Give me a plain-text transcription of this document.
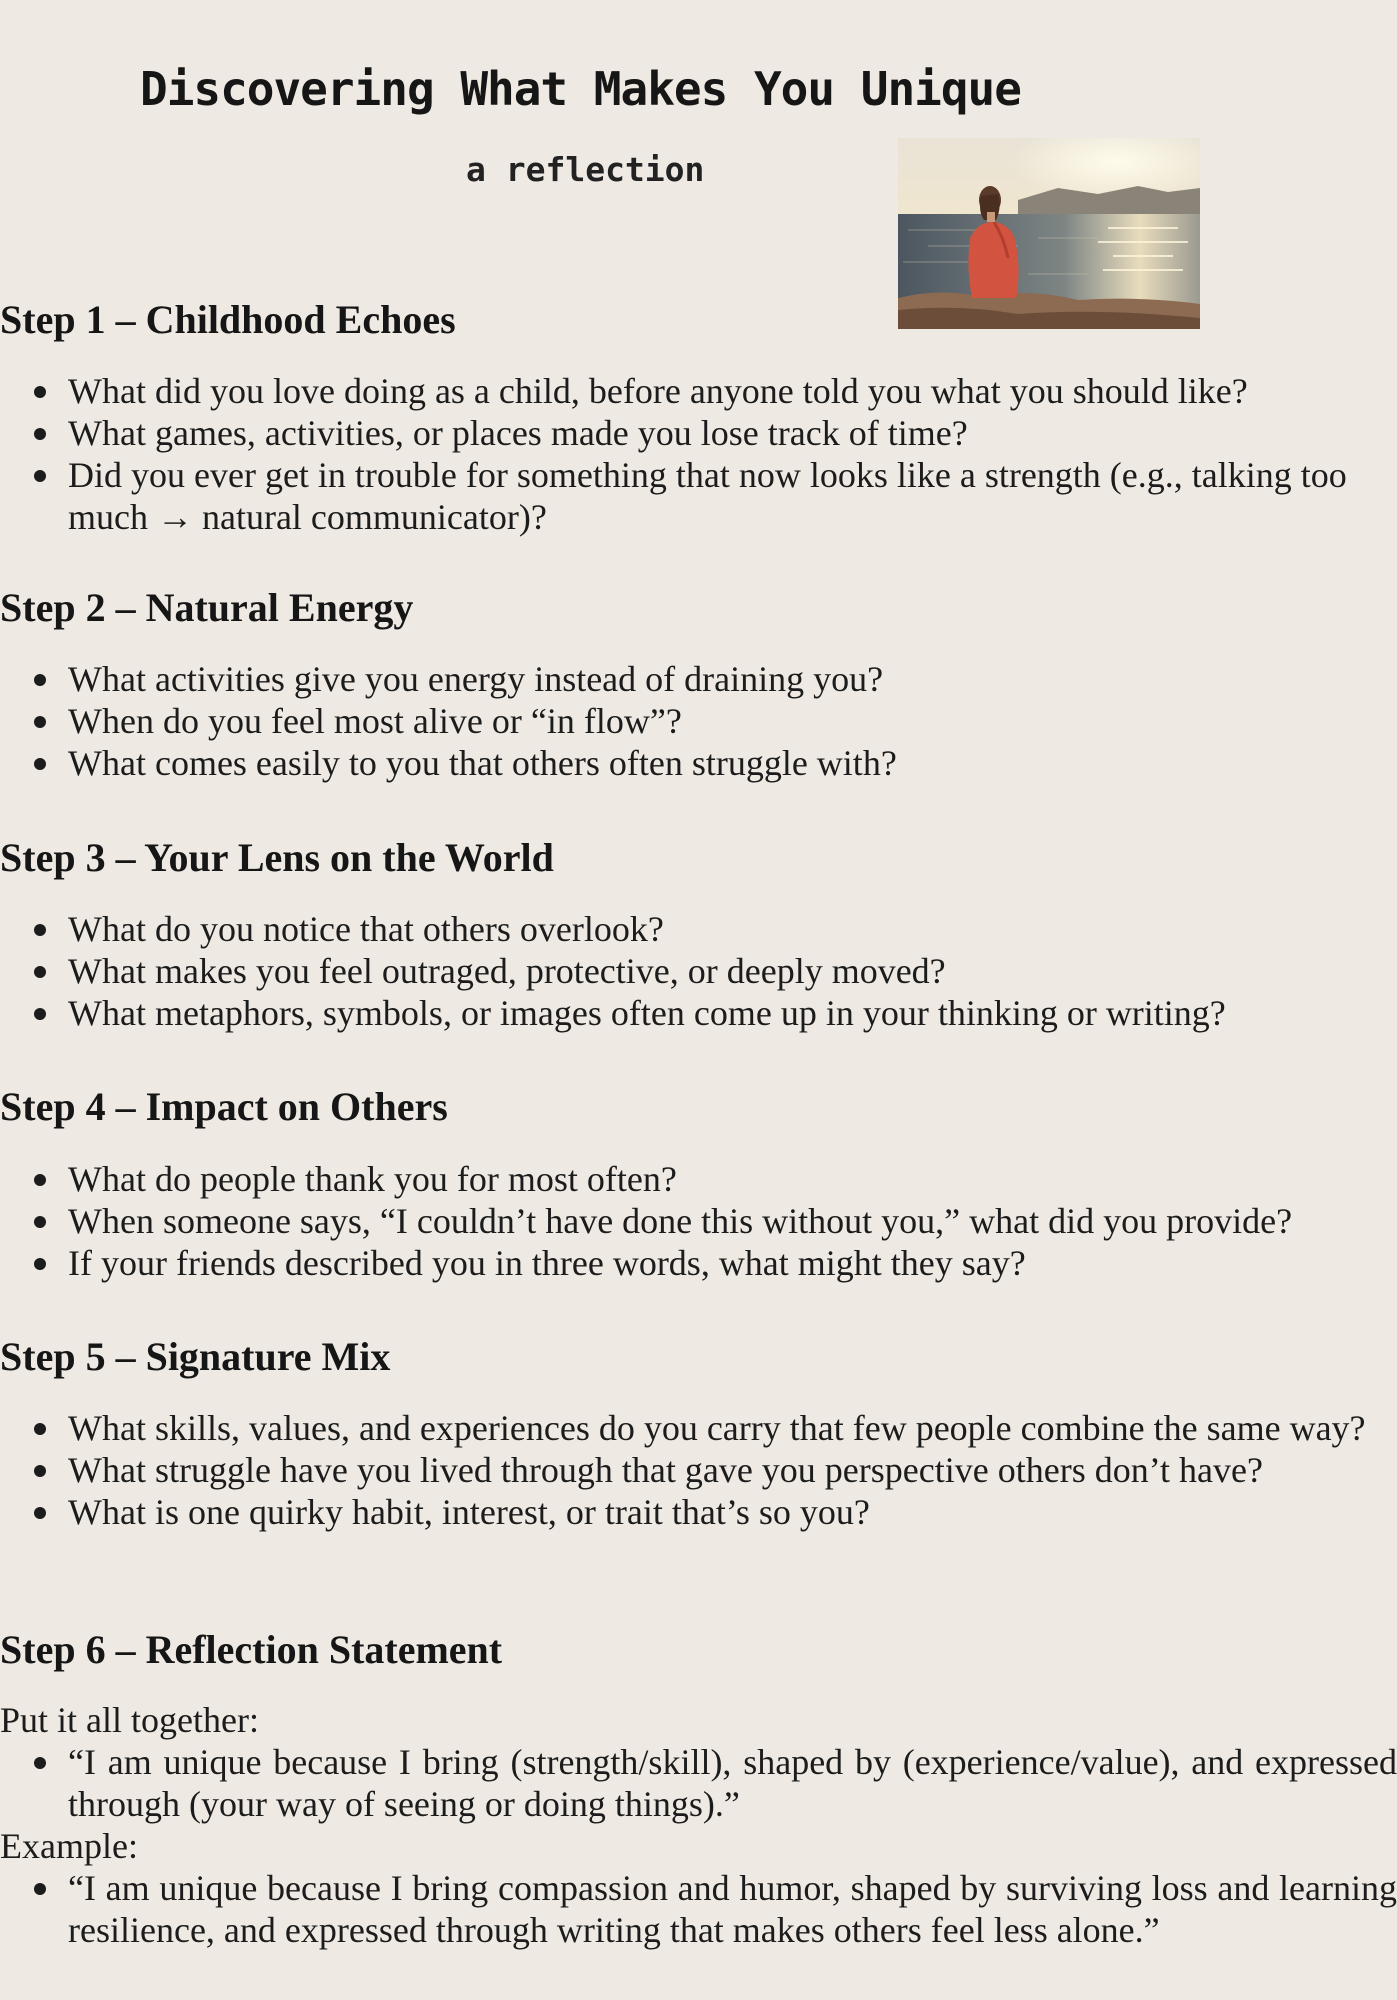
Discovering What Makes You Unique
a reflection
Step 1 – Childhood Echoes
What did you love doing as a child, before anyone told you what you should like?
What games, activities, or places made you lose track of time?
Did you ever get in trouble for something that now looks like a strength (e.g., talking too much → natural communicator)?
Step 2 – Natural Energy
What activities give you energy instead of draining you?
When do you feel most alive or “in flow”?
What comes easily to you that others often struggle with?
Step 3 – Your Lens on the World
What do you notice that others overlook?
What makes you feel outraged, protective, or deeply moved?
What metaphors, symbols, or images often come up in your thinking or writing?
Step 4 – Impact on Others
What do people thank you for most often?
When someone says, “I couldn’t have done this without you,” what did you provide?
If your friends described you in three words, what might they say?
Step 5 – Signature Mix
What skills, values, and experiences do you carry that few people combine the same way?
What struggle have you lived through that gave you perspective others don’t have?
What is one quirky habit, interest, or trait that’s so you?
Step 6 – Reflection Statement

Put it all together:

“I am unique because I bring (strength/skill), shaped by (experience/value), and expressed through (your way of seeing or doing things).”

Example:

“I am unique because I bring compassion and humor, shaped by surviving loss and learning resilience, and expressed through writing that makes others feel less alone.”
